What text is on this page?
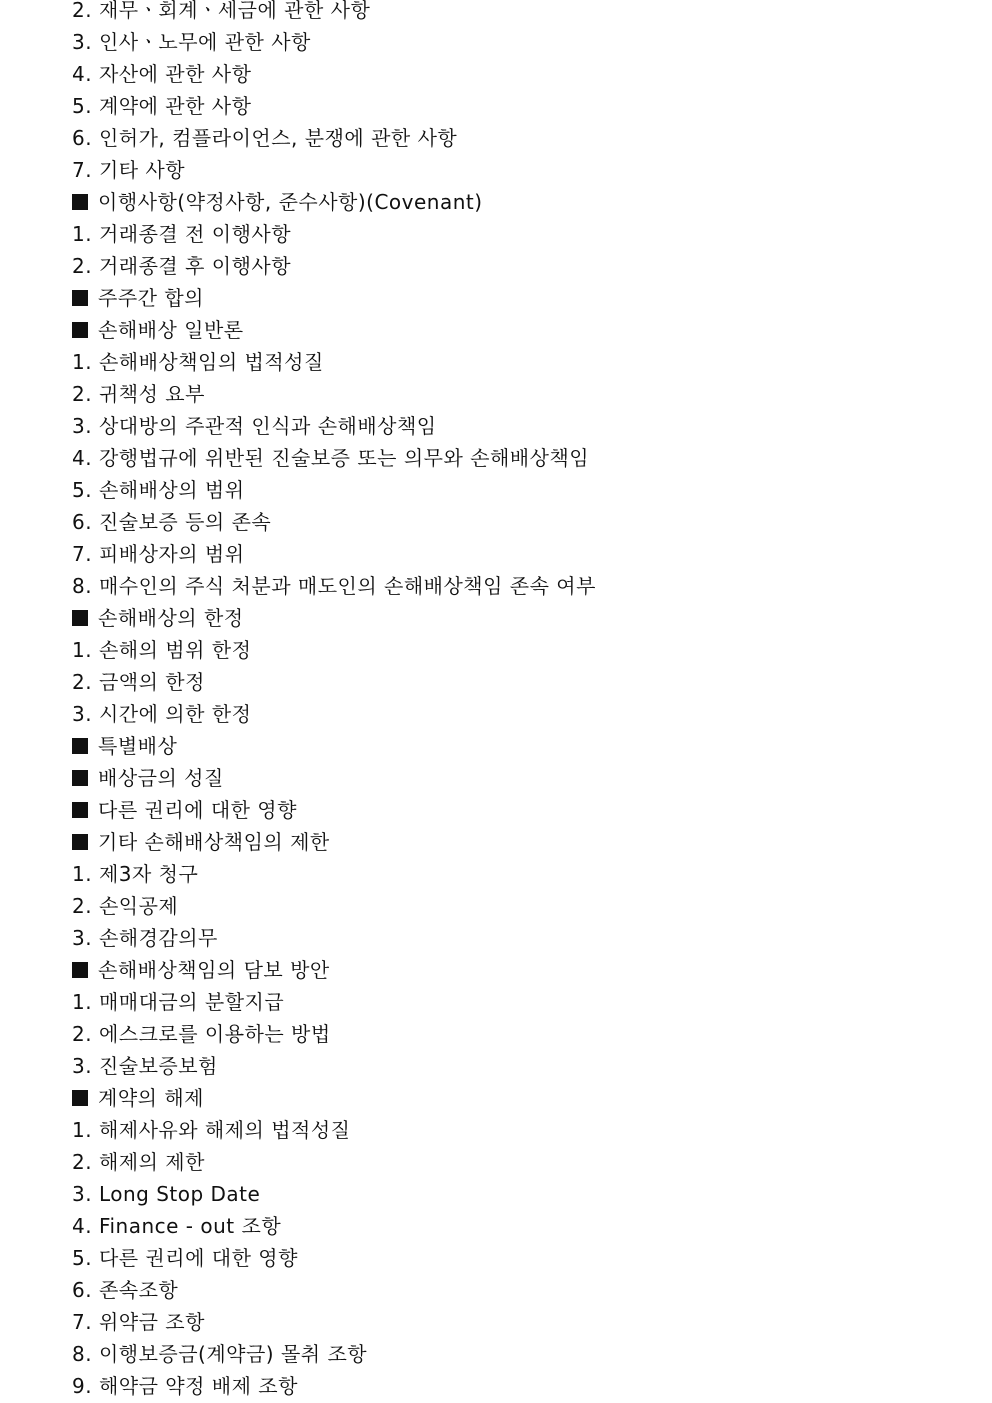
2. 재무ㆍ회계ㆍ세금에 관한 사항
3. 인사ㆍ노무에 관한 사항
4. 자산에 관한 사항
5. 계약에 관한 사항
6. 인허가, 컴플라이언스, 분쟁에 관한 사항
7. 기타 사항
이행사항(약정사항, 준수사항)(Covenant)
1. 거래종결 전 이행사항
2. 거래종결 후 이행사항
주주간 합의
손해배상 일반론
1. 손해배상책임의 법적성질
2. 귀책성 요부
3. 상대방의 주관적 인식과 손해배상책임
4. 강행법규에 위반된 진술보증 또는 의무와 손해배상책임
5. 손해배상의 범위
6. 진술보증 등의 존속
7. 피배상자의 범위
8. 매수인의 주식 처분과 매도인의 손해배상책임 존속 여부
손해배상의 한정
1. 손해의 범위 한정
2. 금액의 한정
3. 시간에 의한 한정
특별배상
배상금의 성질
다른 권리에 대한 영향
기타 손해배상책임의 제한
1. 제3자 청구
2. 손익공제
3. 손해경감의무
손해배상책임의 담보 방안
1. 매매대금의 분할지급
2. 에스크로를 이용하는 방법
3. 진술보증보험
계약의 해제
1. 해제사유와 해제의 법적성질
2. 해제의 제한
3. Long Stop Date
4. Finance - out 조항
5. 다른 권리에 대한 영향
6. 존속조항
7. 위약금 조항
8. 이행보증금(계약금) 몰취 조항
9. 해약금 약정 배제 조항
